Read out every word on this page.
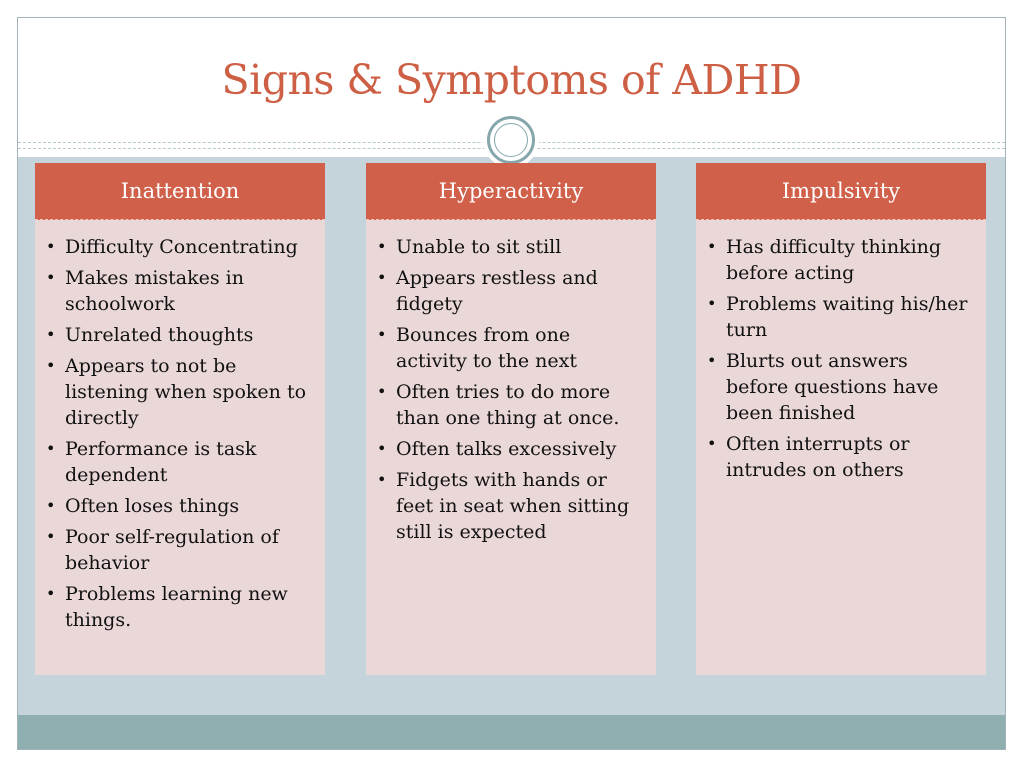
Signs & Symptoms of ADHD
Inattention
• Difficulty Concentrating
• Makes mistakes in schoolwork
• Unrelated thoughts
• Appears to not be listening when spoken to directly
• Performance is task dependent
• Often loses things
• Poor self-regulation of behavior
• Problems learning new things.
Hyperactivity
• Unable to sit still
• Appears restless and fidgety
• Bounces from one activity to the next
• Often tries to do more than one thing at once.
• Often talks excessively
• Fidgets with hands or feet in seat when sitting still is expected
Impulsivity
• Has difficulty thinking before acting
• Problems waiting his/her turn
• Blurts out answers before questions have been finished
• Often interrupts or intrudes on others
